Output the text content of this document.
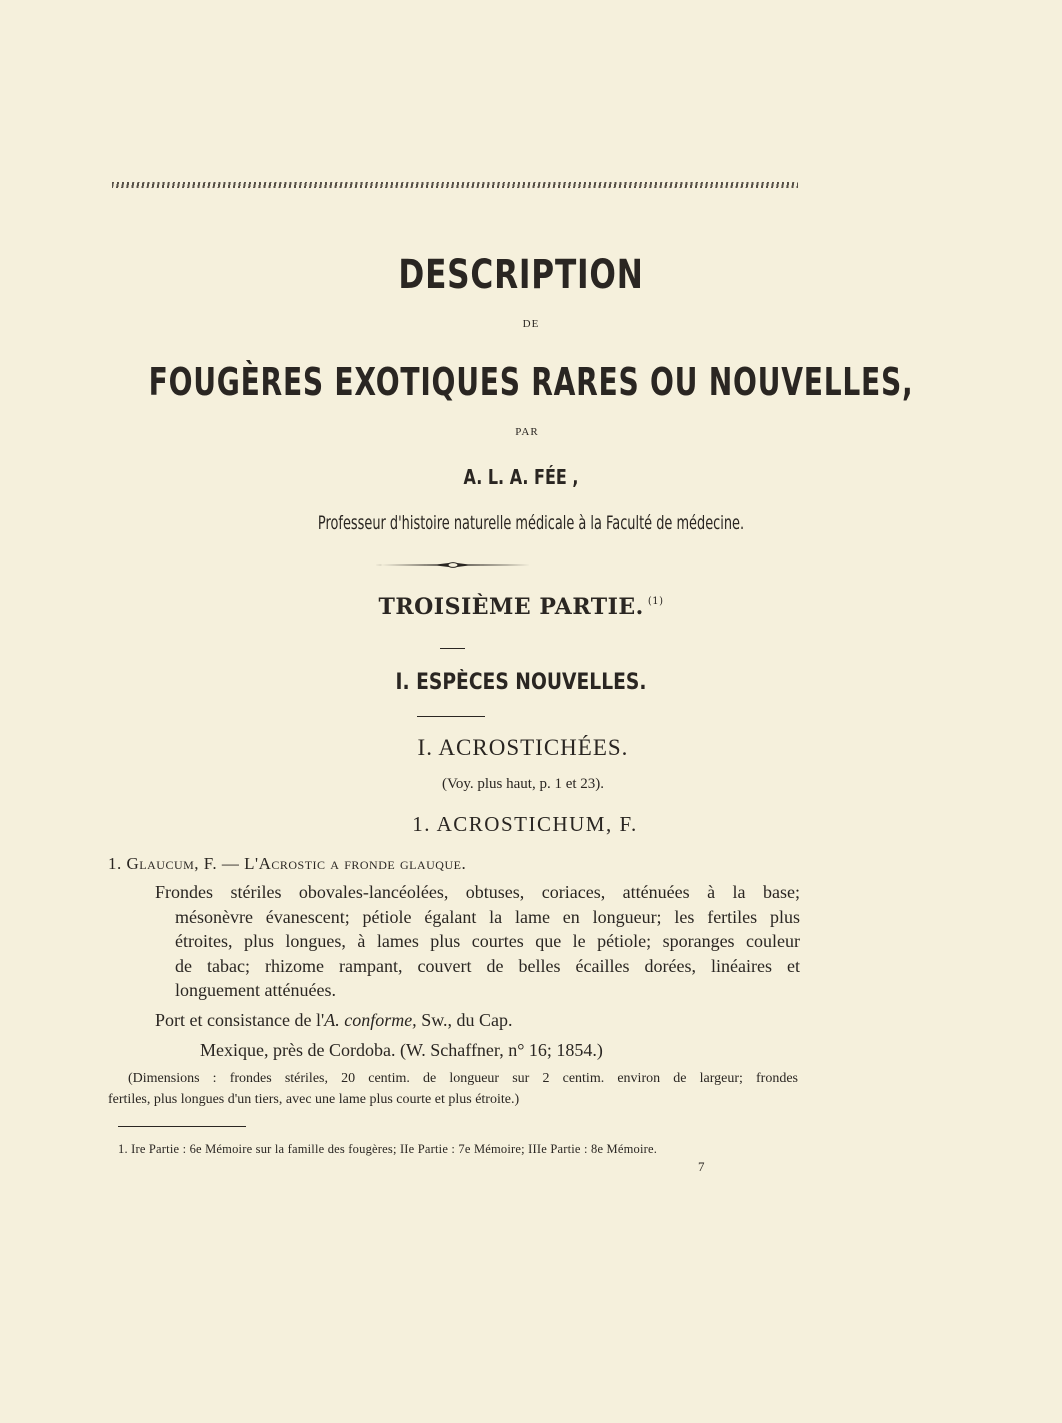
DESCRIPTION
DE
FOUGÈRES EXOTIQUES RARES OU NOUVELLES,
PAR
A. L. A. FÉE ,
Professeur d'histoire naturelle médicale à la Faculté de médecine.
TROISIÈME PARTIE. $^{(1)}$
I. ESPÈCES NOUVELLES.
I. ACROSTICHÉES.
(Voy. plus haut, p. 1 et 23).
1. ACROSTICHUM, F.
1. Glaucum, F. — L'Acrostic a fronde glauque.
Frondes stériles obovales-lancéolées, obtuses, coriaces, atténuées à la base;
mésonèvre évanescent; pétiole égalant la lame en longueur; les fertiles plus
étroites, plus longues, à lames plus courtes que le pétiole; sporanges couleur
de tabac; rhizome rampant, couvert de belles écailles dorées, linéaires et
longuement atténuées.
Port et consistance de l'A. conforme, Sw., du Cap.
Mexique, près de Cordoba. (W. Schaffner, n° 16; 1854.)
(Dimensions : frondes stériles, 20 centim. de longueur sur 2 centim. environ de largeur; frondes
fertiles, plus longues d'un tiers, avec une lame plus courte et plus étroite.)
1. Ire Partie : 6e Mémoire sur la famille des fougères; IIe Partie : 7e Mémoire; IIIe Partie : 8e Mémoire.
7
